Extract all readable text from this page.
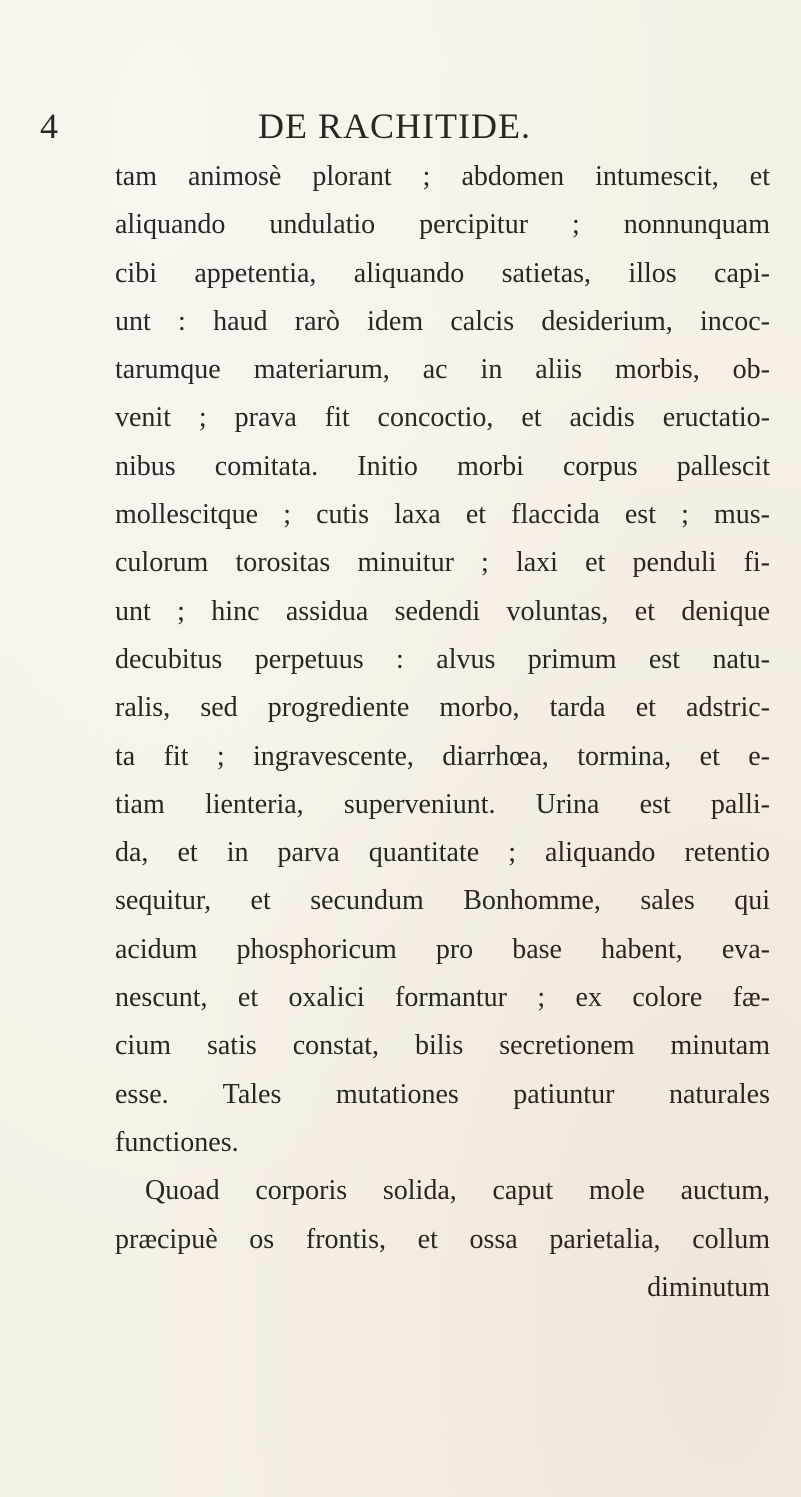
4	DE RACHITIDE.
tam animosè plorant ; abdomen intumescit, et
aliquando undulatio percipitur ; nonnunquam
cibi appetentia, aliquando satietas, illos capi-
unt : haud rarò idem calcis desiderium, incoc-
tarumque materiarum, ac in aliis morbis, ob-
venit ; prava fit concoctio, et acidis eructatio-
nibus comitata. Initio morbi corpus pallescit
mollescitque ; cutis laxa et flaccida est ; mus-
culorum torositas minuitur ; laxi et penduli fi-
unt ; hinc assidua sedendi voluntas, et denique
decubitus perpetuus : alvus primum est natu-
ralis, sed progrediente morbo, tarda et adstric-
ta fit ; ingravescente, diarrhœa, tormina, et e-
tiam lienteria, superveniunt. Urina est palli-
da, et in parva quantitate ; aliquando retentio
sequitur, et secundum Bonhomme, sales qui
acidum phosphoricum pro base habent, eva-
nescunt, et oxalici formantur ; ex colore fæ-
cium satis constat, bilis secretionem minutam
esse. Tales mutationes patiuntur naturales
functiones.
Quoad corporis solida, caput mole auctum,
præcipuè os frontis, et ossa parietalia, collum
diminutum
